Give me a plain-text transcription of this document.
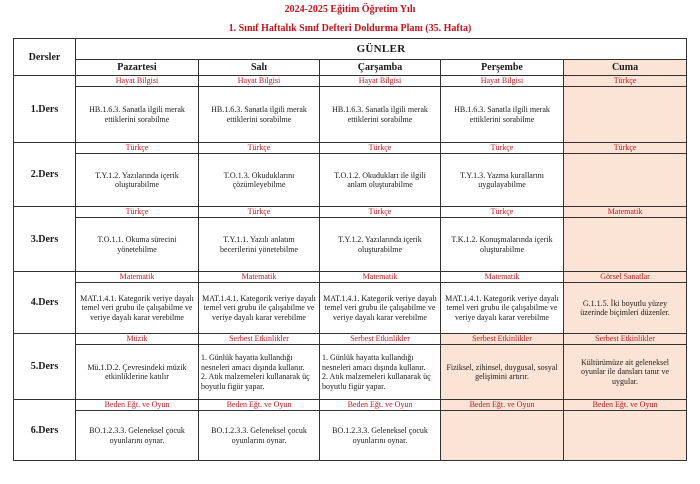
2024-2025 Eğitim Öğretim Yılı
1. Sınıf Haftalık Sınıf Defteri Doldurma Planı (35. Hafta)
Dersler	GÜNLER				
	Pazartesi	Salı	Çarşamba	Perşembe	Cuma
1.Ders	Hayat Bilgisi	Hayat Bilgisi	Hayat Bilgisi	Hayat Bilgisi	Türkçe

	HB.1.6.3. Sanatla ilgili merak
ettiklerini sorabilme	HB.1.6.3. Sanatla ilgili merak
ettiklerini sorabilme	HB.1.6.3. Sanatla ilgili merak
ettiklerini sorabilme	HB.1.6.3. Sanatla ilgili merak
ettiklerini sorabilme	

2.Ders	Türkçe	Türkçe	Türkçe	Türkçe	Türkçe

	T.Y.1.2. Yazılarında içerik
oluşturabilme	T.O.1.3. Okuduklarını
çözümleyebilme	T.O.1.2. Okudukları ile ilgili
anlam oluşturabilme	T.Y.1.3. Yazma kurallarını
uygulayabilme	

3.Ders	Türkçe	Türkçe	Türkçe	Türkçe	Matematik

	T.O.1.1. Okuma sürecini
yönetebilme	T.Y.1.1. Yazılı anlatım
becerilerini yönetebilme	T.Y.1.2. Yazılarında içerik
oluşturabilme	T.K.1.2. Konuşmalarında içerik
oluşturabilme	

4.Ders	Matematik	Matematik	Matematik	Matematik	Görsel Sanatlar

	MAT.1.4.1. Kategorik veriye dayalı
temel veri grubu ile çalışabilme ve
veriye dayalı karar verebilme	MAT.1.4.1. Kategorik veriye dayalı
temel veri grubu ile çalışabilme ve
veriye dayalı karar verebilme	MAT.1.4.1. Kategorik veriye dayalı
temel veri grubu ile çalışabilme ve
veriye dayalı karar verebilme	MAT.1.4.1. Kategorik veriye dayalı
temel veri grubu ile çalışabilme ve
veriye dayalı karar verebilme	G.1.1.5. İki boyutlu yüzey
üzerinde biçimleri düzenler.

5.Ders	Müzik	Serbest Etkinlikler	Serbest Etkinlikler	Serbest Etkinlikler	Serbest Etkinlikler

	Mü.1.D.2. Çevresindeki müzik
etkinliklerine katılır	1. Günlük hayatta kullandığı
nesneleri amacı dışında kullanır.
2. Atık malzemeleri kullanarak üç
boyutlu figür yapar.	1. Günlük hayatta kullandığı
nesneleri amacı dışında kullanır.
2. Atık malzemeleri kullanarak üç
boyutlu figür yapar.	Fiziksel, zihinsel, duygusal, sosyal
gelişimini artırır.	Kültürümüze ait geleneksel
oyunlar ile dansları tanır ve
uygular.

6.Ders	Beden Eğt. ve Oyun	Beden Eğt. ve Oyun	Beden Eğt. ve Oyun	Beden Eğt. ve Oyun	Beden Eğt. ve Oyun

	BO.1.2.3.3. Geleneksel çocuk
oyunlarını oynar.	BO.1.2.3.3. Geleneksel çocuk
oyunlarını oynar.	BO.1.2.3.3. Geleneksel çocuk
oyunlarını oynar.		
